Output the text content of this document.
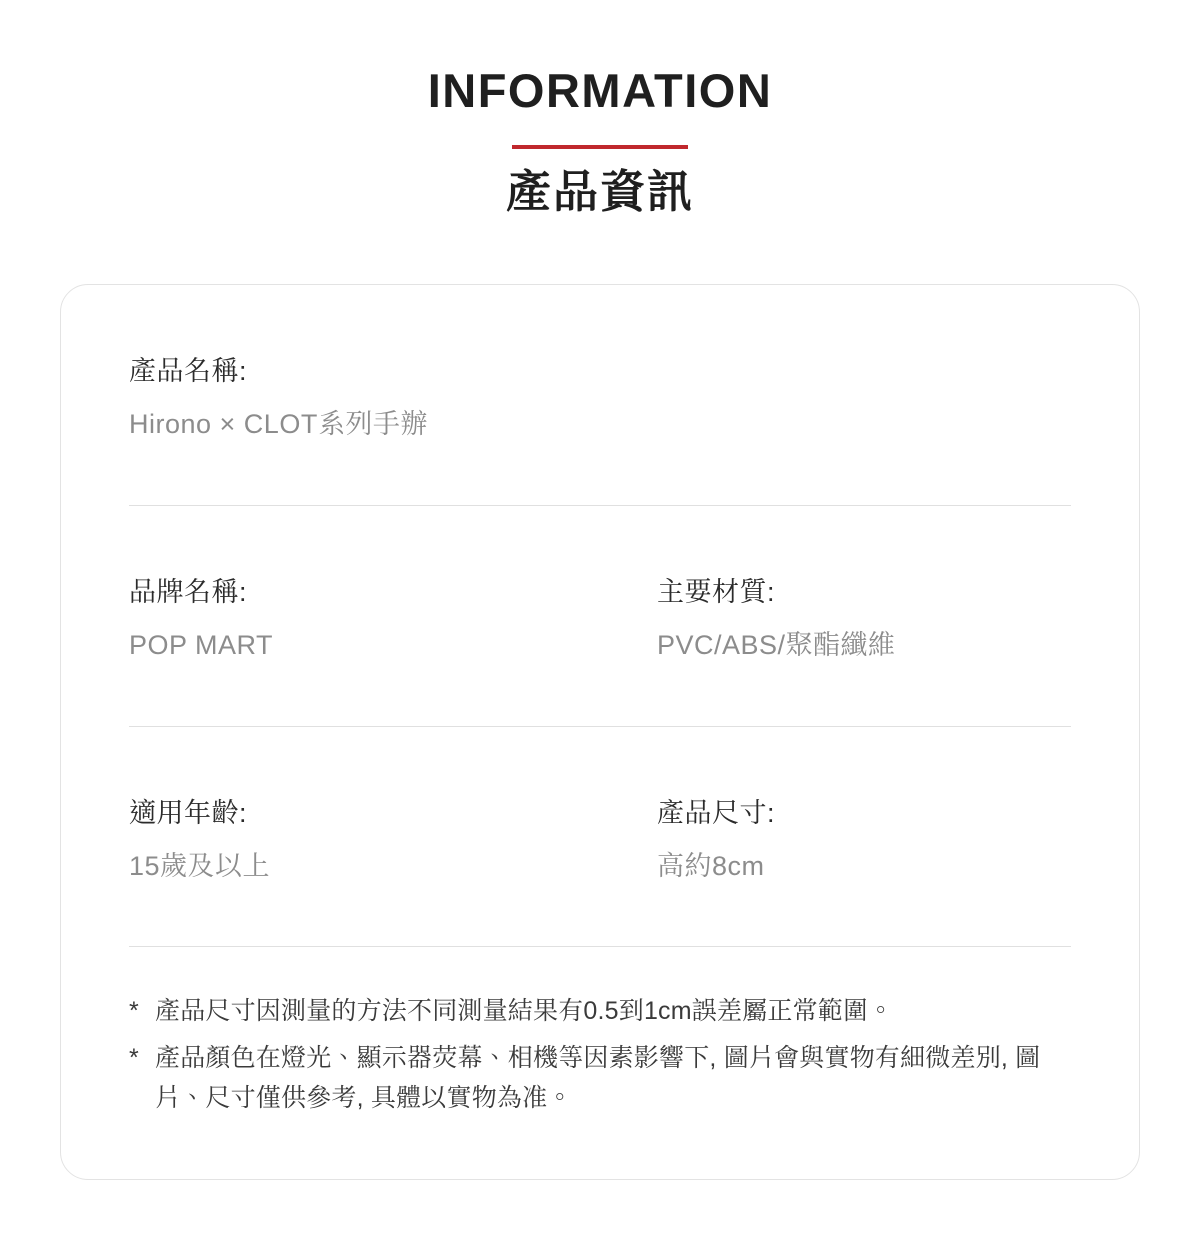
INFORMATION
產品資訊
產品名稱:
Hirono × CLOT系列手辦
品牌名稱:
POP MART
主要材質:
PVC/ABS/聚酯纖維
適用年齡:
15歲及以上
產品尺寸:
高約8cm
* 產品尺寸因測量的方法不同測量結果有0.5到1cm誤差屬正常範圍。
* 產品顏色在燈光、顯示器荧幕、相機等因素影響下, 圖片會與實物有細微差別, 圖片、尺寸僅供參考, 具體以實物為准。
